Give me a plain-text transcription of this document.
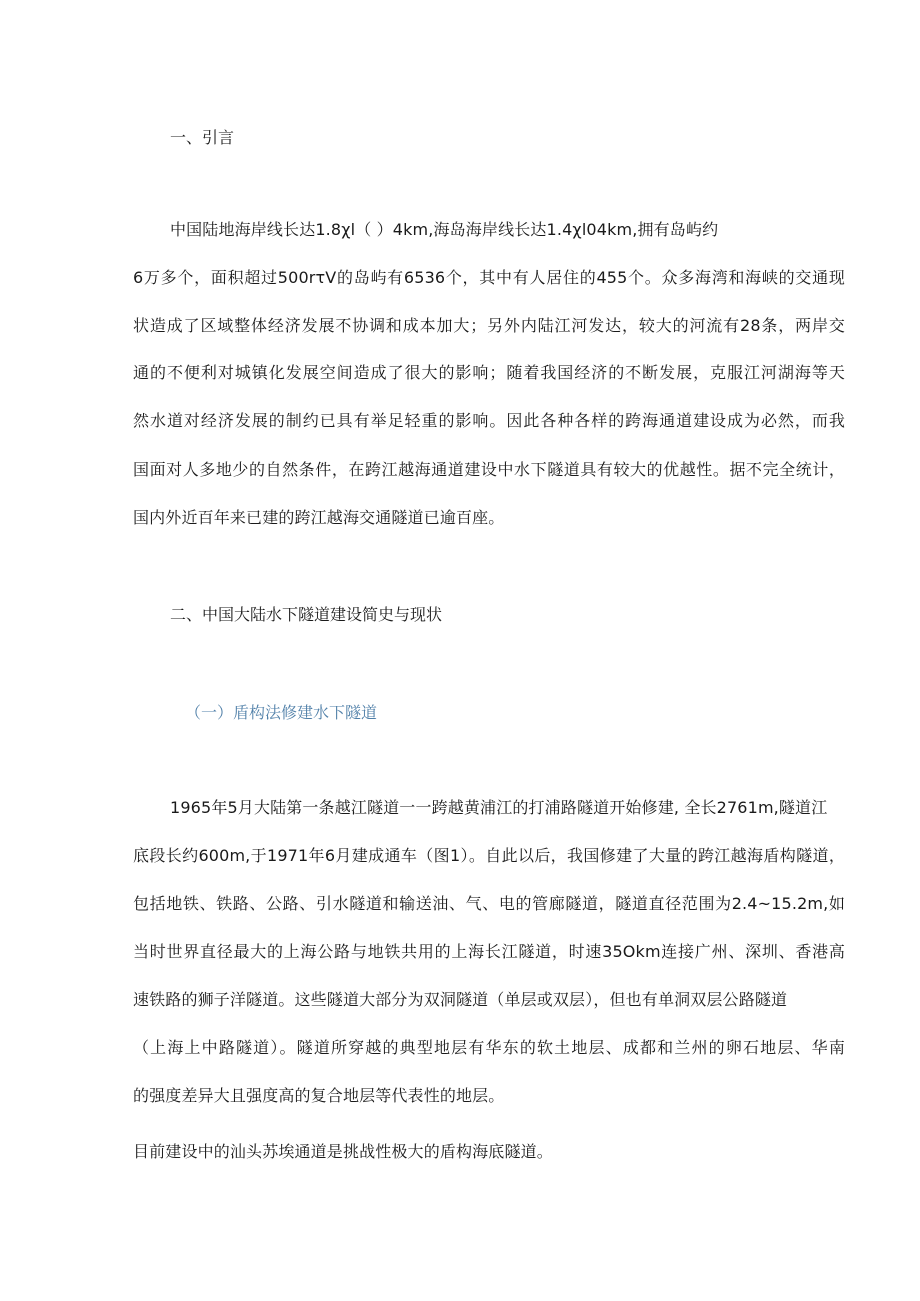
一、引言
中国陆地海岸线长达1.8χl（ ）4km,海岛海岸线长达1.4χl04km,拥有岛屿约
6万多个，面积超过500rτV的岛屿有6536个，其中有人居住的455个。众多海湾和海峡的交通现
状造成了区域整体经济发展不协调和成本加大；另外内陆江河发达，较大的河流有28条，两岸交
通的不便利对城镇化发展空间造成了很大的影响；随着我国经济的不断发展，克服江河湖海等天
然水道对经济发展的制约已具有举足轻重的影响。因此各种各样的跨海通道建设成为必然，而我
国面对人多地少的自然条件，在跨江越海通道建设中水下隧道具有较大的优越性。据不完全统计，
国内外近百年来已建的跨江越海交通隧道已逾百座。
二、中国大陆水下隧道建设简史与现状
（一）盾构法修建水下隧道
1965年5月大陆第一条越江隧道一一跨越黄浦江的打浦路隧道开始修建, 全长2761m,隧道江
底段长约600m,于1971年6月建成通车（图1）。自此以后，我国修建了大量的跨江越海盾构隧道，
包括地铁、铁路、公路、引水隧道和输送油、气、电的管廊隧道，隧道直径范围为2.4~15.2m,如
当时世界直径最大的上海公路与地铁共用的上海长江隧道，时速35Okm连接广州、深圳、香港高
速铁路的狮子洋隧道。这些隧道大部分为双洞隧道（单层或双层），但也有单洞双层公路隧道
（上海上中路隧道）。隧道所穿越的典型地层有华东的软土地层、成都和兰州的卵石地层、华南
的强度差异大且强度高的复合地层等代表性的地层。
目前建设中的汕头苏埃通道是挑战性极大的盾构海底隧道。
